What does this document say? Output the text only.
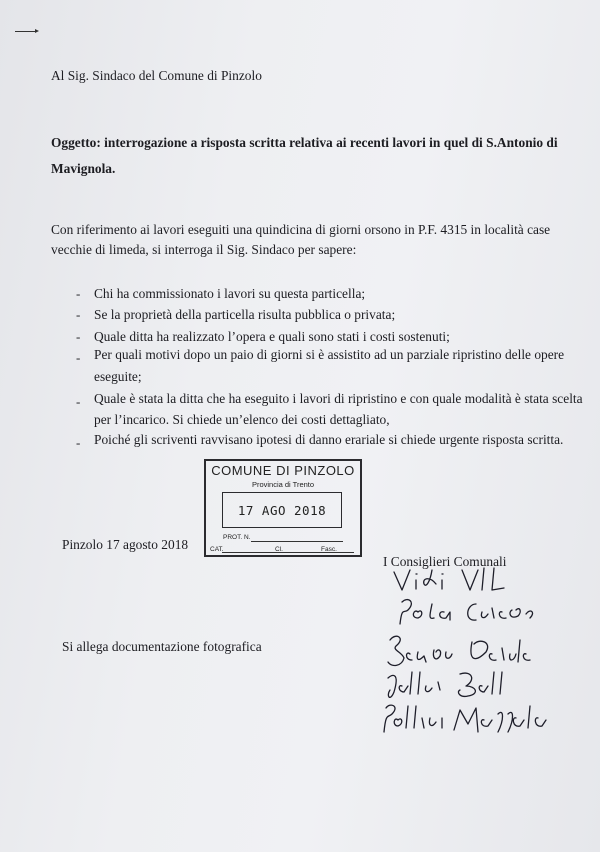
Al Sig. Sindaco del Comune di Pinzolo
Oggetto: interrogazione a risposta scritta relativa ai recenti lavori in quel di S.Antonio di
Mavignola.
Con riferimento ai lavori eseguiti una quindicina di giorni orsono in P.F. 4315 in località case
vecchie di limeda, si interroga il Sig. Sindaco per sapere:
- Chi ha commissionato i lavori su questa particella;
- Se la proprietà della particella risulta pubblica o privata;
- Quale ditta ha realizzato l’opera e quali sono stati i costi sostenuti;
- Per quali motivi dopo un paio di giorni si è assistito ad un parziale ripristino delle opere
eseguite;
- Quale è stata la ditta che ha eseguito i lavori di ripristino e con quale modalità è stata scelta
per l’incarico. Si chiede un’elenco dei costi dettagliato,
- Poiché gli scriventi ravvisano ipotesi di danno erariale si chiede urgente risposta scritta.
COMUNE DI PINZOLO
Provincia di Trento
17 AGO 2018
PROT. N.
CAT.	Cl.	Fasc.
Pinzolo 17 agosto 2018
I Consiglieri Comunali
Si allega documentazione fotografica
